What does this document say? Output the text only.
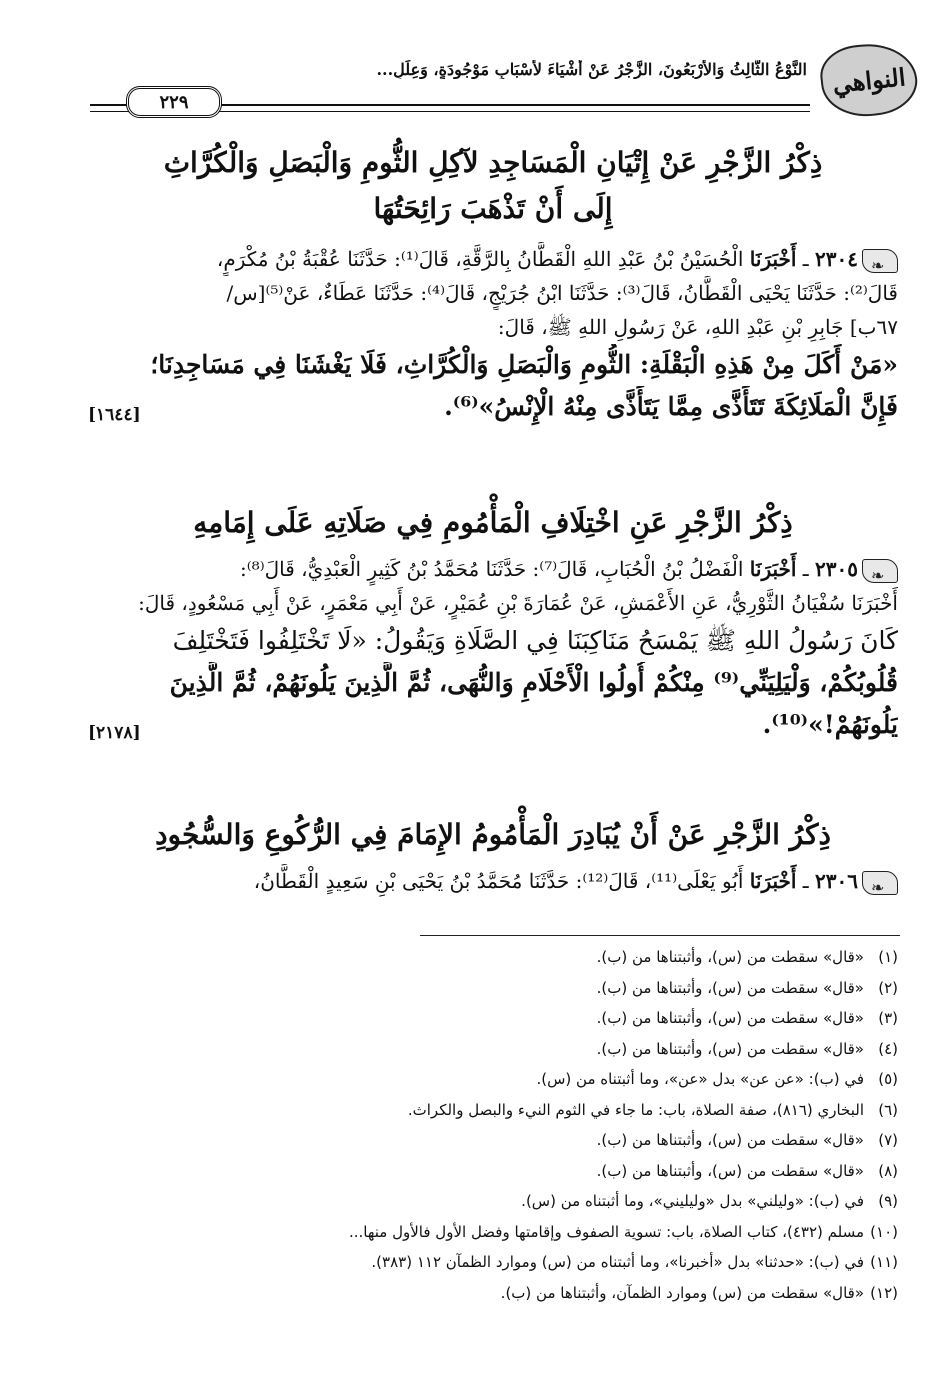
النواهي
النَّوْعُ الثَّالِثُ وَالأَرْبَعُونَ، الزَّجْرُ عَنْ أَشْيَاءَ لأَسْبَابٍ مَوْجُودَةٍ، وَعِلَلٍ...
٢٢٩

ذِكْرُ الزَّجْرِ عَنْ إِتْيَانِ الْمَسَاجِدِ لآكِلِ الثُّومِ وَالْبَصَلِ وَالْكُرَّاثِ

إِلَى أَنْ تَذْهَبَ رَائِحَتُهَا

❧٢٣٠٤ ـ أَخْبَرَنَا الْحُسَيْنُ بْنُ عَبْدِ اللهِ الْقَطَّانُ بِالرَّقَّةِ، قَالَ⁽¹⁾: حَدَّثَنَا عُقْبَةُ بْنُ مُكْرَمٍ،

قَالَ⁽²⁾: حَدَّثَنَا يَحْيَى الْقَطَّانُ، قَالَ⁽³⁾: حَدَّثَنَا ابْنُ جُرَيْجٍ، قَالَ⁽⁴⁾: حَدَّثَنَا عَطَاءٌ، عَنْ⁽⁵⁾[س/

٦٧ب] جَابِرِ بْنِ عَبْدِ اللهِ، عَنْ رَسُولِ اللهِ ﷺ، قَالَ:

«مَنْ أَكَلَ مِنْ هَذِهِ الْبَقْلَةِ: الثُّومِ وَالْبَصَلِ وَالْكُرَّاثِ، فَلَا يَغْشَنَا فِي مَسَاجِدِنَا؛

فَإِنَّ الْمَلَائِكَةَ تَتَأَذَّى مِمَّا يَتَأَذَّى مِنْهُ الْإِنْسُ»⁽⁶⁾.
[١٦٤٤]

ذِكْرُ الزَّجْرِ عَنِ اخْتِلَافِ الْمَأْمُومِ فِي صَلَاتِهِ عَلَى إِمَامِهِ

❧٢٣٠٥ ـ أَخْبَرَنَا الْفَضْلُ بْنُ الْحُبَابِ، قَالَ⁽⁷⁾: حَدَّثَنَا مُحَمَّدُ بْنُ كَثِيرٍ الْعَبْدِيُّ، قَالَ⁽⁸⁾:

أَخْبَرَنَا سُفْيَانُ الثَّوْرِيُّ، عَنِ الأَعْمَشِ، عَنْ عُمَارَةَ بْنِ عُمَيْرٍ، عَنْ أَبِي مَعْمَرٍ، عَنْ أَبِي مَسْعُودٍ، قَالَ:

كَانَ رَسُولُ اللهِ ﷺ يَمْسَحُ مَنَاكِبَنَا فِي الصَّلَاةِ وَيَقُولُ: «لَا تَخْتَلِفُوا فَتَخْتَلِفَ

قُلُوبُكُمْ، وَلْيَلِيَنِّي⁽⁹⁾ مِنْكُمْ أُولُوا الْأَحْلَامِ وَالنُّهَى، ثُمَّ الَّذِينَ يَلُونَهُمْ، ثُمَّ الَّذِينَ

يَلُونَهُمْ!»⁽¹⁰⁾.
[٢١٧٨]

ذِكْرُ الزَّجْرِ عَنْ أَنْ يُبَادِرَ الْمَأْمُومُ الإِمَامَ فِي الرُّكُوعِ وَالسُّجُودِ

❧٢٣٠٦ ـ أَخْبَرَنَا أَبُو يَعْلَى⁽¹¹⁾، قَالَ⁽¹²⁾: حَدَّثَنَا مُحَمَّدُ بْنُ يَحْيَى بْنِ سَعِيدٍ الْقَطَّانُ،

(١)«قال» سقطت من (س)، وأثبتناها من (ب).

(٢)«قال» سقطت من (س)، وأثبتناها من (ب).

(٣)«قال» سقطت من (س)، وأثبتناها من (ب).

(٤)«قال» سقطت من (س)، وأثبتناها من (ب).

(٥)في (ب): «عن عن» بدل «عن»، وما أثبتناه من (س).

(٦)البخاري (٨١٦)، صفة الصلاة، باب: ما جاء في الثوم النيء والبصل والكراث.

(٧)«قال» سقطت من (س)، وأثبتناها من (ب).

(٨)«قال» سقطت من (س)، وأثبتناها من (ب).

(٩)في (ب): «وليلني» بدل «وليليني»، وما أثبتناه من (س).

(١٠)مسلم (٤٣٢)، كتاب الصلاة، باب: تسوية الصفوف وإقامتها وفضل الأول فالأول منها...

(١١)في (ب): «حدثنا» بدل «أخبرنا»، وما أثبتناه من (س) وموارد الظمآن ١١٢ (٣٨٣).

(١٢)«قال» سقطت من (س) وموارد الظمآن، وأثبتناها من (ب).
